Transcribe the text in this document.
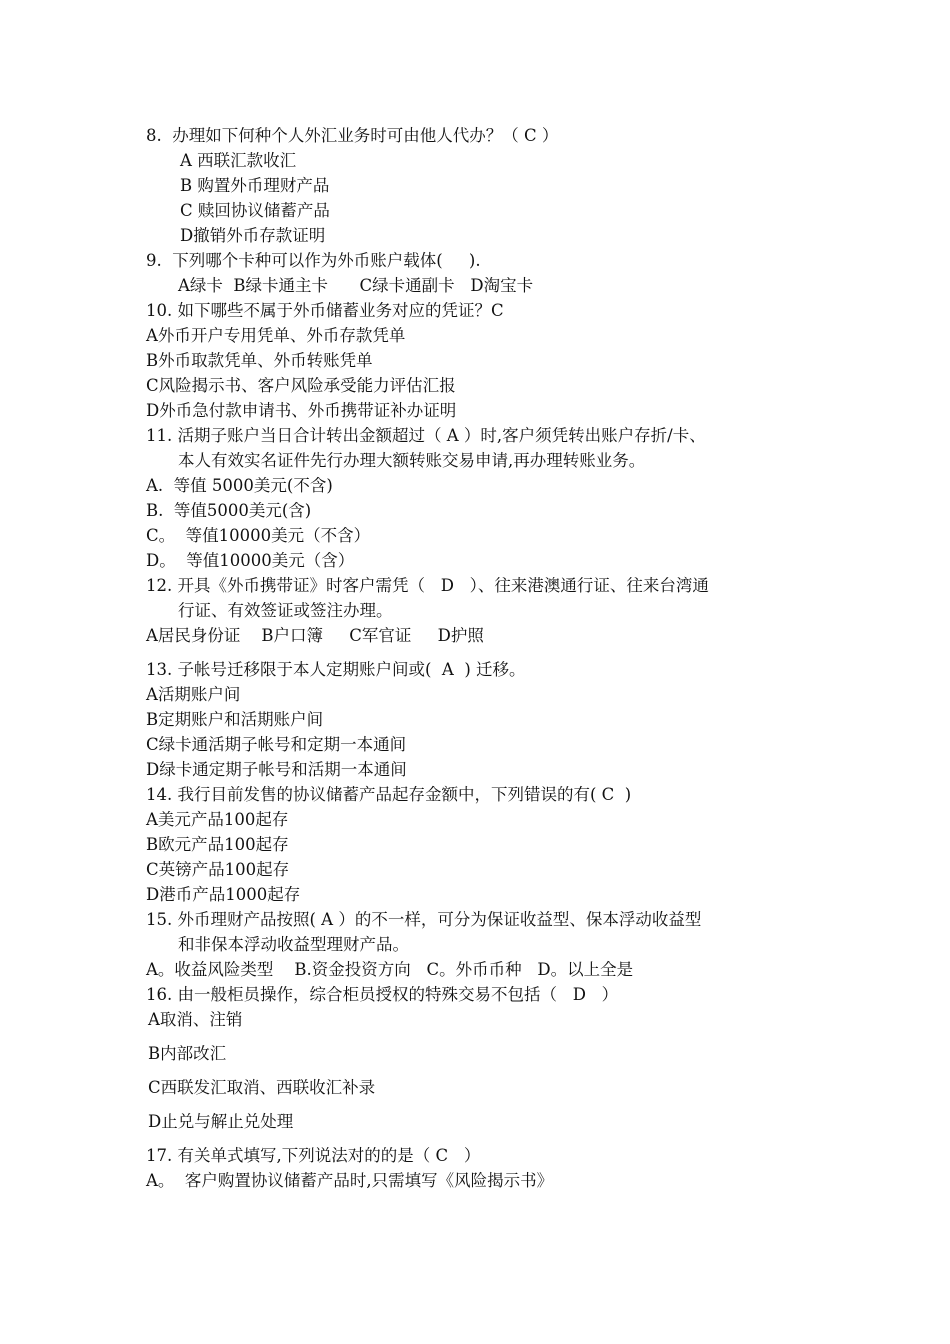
8.  办理如下何种个人外汇业务时可由他人代办？（ C ）
A 西联汇款收汇
B 购置外币理财产品
C 赎回协议储蓄产品
D撤销外币存款证明
9.  下列哪个卡种可以作为外币账户载体(     ).
A绿卡  B绿卡通主卡      C绿卡通副卡   D淘宝卡
10. 如下哪些不属于外币储蓄业务对应的凭证？C
A外币开户专用凭单、外币存款凭单
B外币取款凭单、外币转账凭单
C风险揭示书、客户风险承受能力评估汇报
D外币急付款申请书、外币携带证补办证明
11. 活期子账户当日合计转出金额超过（ A ）时,客户须凭转出账户存折/卡、
本人有效实名证件先行办理大额转账交易申请,再办理转账业务。
A.  等值 5000美元(不含)
B.  等值5000美元(含)
C。  等值10000美元（不含）
D。  等值10000美元（含）
12. 开具《外币携带证》时客户需凭（   D   ）、往来港澳通行证、往来台湾通
行证、有效签证或签注办理。
A居民身份证    B户口簿     C军官证     D护照
13. 子帐号迁移限于本人定期账户间或(  A  ) 迁移。
A活期账户间
B定期账户和活期账户间
C绿卡通活期子帐号和定期一本通间
D绿卡通定期子帐号和活期一本通间
14. 我行目前发售的协议储蓄产品起存金额中，下列错误的有( C  )
A美元产品100起存
B欧元产品100起存
C英镑产品100起存
D港币产品1000起存
15. 外币理财产品按照( A ）的不一样，可分为保证收益型、保本浮动收益型
和非保本浮动收益型理财产品。
A。收益风险类型    B.资金投资方向   C。外币币种   D。以上全是
16. 由一般柜员操作，综合柜员授权的特殊交易不包括（   D   ）
A取消、注销
B内部改汇
C西联发汇取消、西联收汇补录
D止兑与解止兑处理
17. 有关单式填写,下列说法对的的是（ C   ）
A。  客户购置协议储蓄产品时,只需填写《风险揭示书》
